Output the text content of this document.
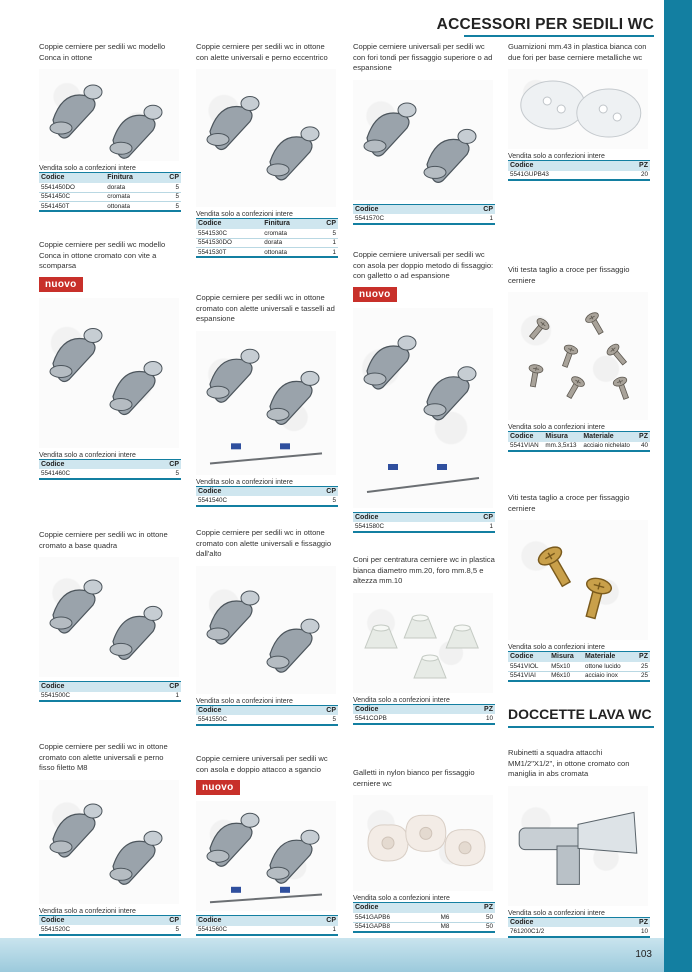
103
ACCESSORI PER SEDILI WC
DOCCETTE LAVA WC
Coppie cerniere per sedili wc modello Conca in ottone
Vendita solo a confezioni intere
Codice	Finitura	CP
5541450DO	dorata	5
5541450C	cromata	5
5541450T	ottonata	5
Coppie cerniere per sedili wc in ottone con alette universali e perno eccentrico
Vendita solo a confezioni intere
Codice	Finitura	CP
5541530C	cromata	5
5541530DO	dorata	1
5541530T	ottonata	1
Coppie cerniere universali per sedili wc con fori tondi per fissaggio superiore o ad espansione
Codice	CP
5541570C	1
Guarnizioni mm.43 in plastica bianca con due fori per base cerniere metalliche wc
Vendita solo a confezioni intere
Codice	PZ
5541GUPB43	20
Coppie cerniere per sedili wc modello Conca in ottone cromato con vite a scomparsa
nuovo
Vendita solo a confezioni intere
Codice	CP
5541460C	5
Coppie cerniere per sedili wc in ottone cromato con alette universali e tasselli ad espansione
Vendita solo a confezioni intere
Codice	CP
5541540C	5
Coppie cerniere universali per sedili wc con asola per doppio metodo di fissaggio: con galletto o ad espansione
nuovo
Codice	CP
5541580C	1
Viti testa taglio a croce per fissaggio cerniere
Vendita solo a confezioni intere
Codice	Misura	Materiale	PZ
5541VIAN	mm.3,5x13	acciaio nichelato	40
Coppie cerniere per sedili wc in ottone cromato a base quadra
Codice	CP
5541500C	1
Coppie cerniere per sedili wc in ottone cromato con alette universali e fissaggio dall'alto
Vendita solo a confezioni intere
Codice	CP
5541550C	5
Coni per centratura cerniere wc in plastica bianca diametro mm.20, foro mm.8,5 e altezza mm.10
Vendita solo a confezioni intere
Codice	PZ
5541COPB	10
Viti testa taglio a croce per fissaggio cerniere
Vendita solo a confezioni intere
Codice	Misura	Materiale	PZ
5541VIOL	M5x10	ottone lucido	25
5541VIAI	M6x10	acciaio inox	25
Coppie cerniere per sedili wc in ottone cromato con alette universali e perno fisso filetto M8
Vendita solo a confezioni intere
Codice	CP
5541520C	5
Coppie cerniere universali per sedili wc con asola e doppio attacco a sgancio
nuovo
Codice	CP
5541560C	1
Galletti in nylon bianco per fissaggio cerniere wc
Vendita solo a confezioni intere
Codice		PZ
5541GAPB6	M6	50
5541GAPB8	M8	50
Rubinetti a squadra attacchi MM1/2"X1/2", in ottone cromato con maniglia in abs cromata
Vendita solo a confezioni intere
Codice	PZ
761200C1/2	10
